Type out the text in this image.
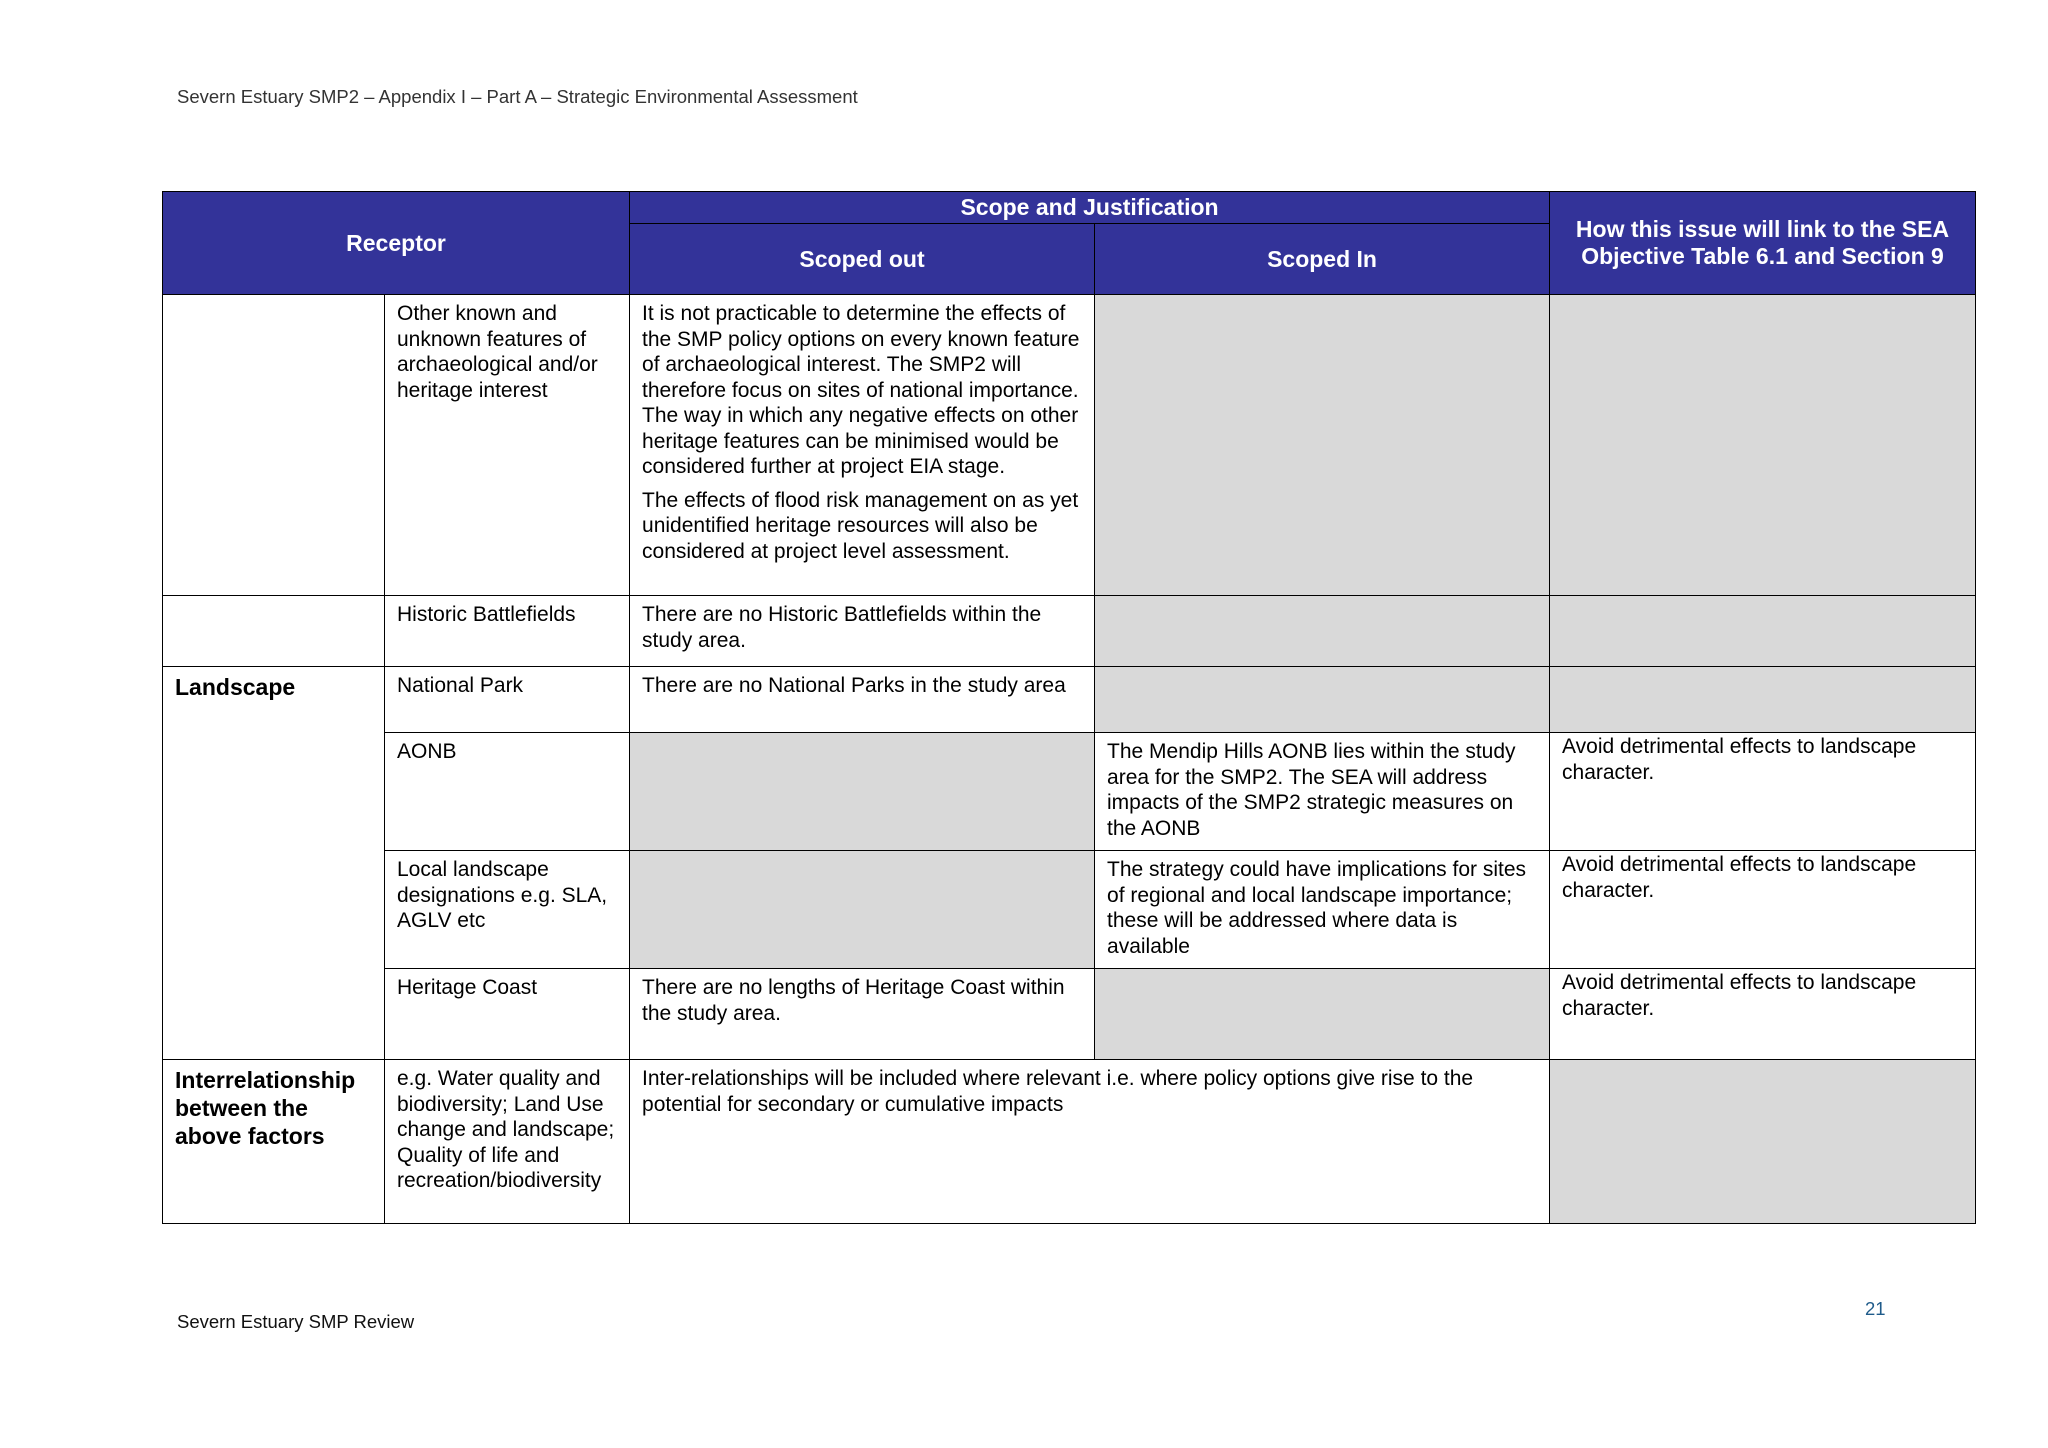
Severn Estuary SMP2 – Appendix I – Part A – Strategic Environmental Assessment
Receptor		Scope and Justification		How this issue will link to the SEA Objective Table 6.1 and Section 9
		Scoped out	Scoped In	
	Other known and unknown features of archaeological and/or heritage interest	It is not practicable to determine the effects of the SMP policy options on every known feature of archaeological interest. The SMP2 will therefore focus on sites of national importance. The way in which any negative effects on other heritage features can be minimised would be considered further at project EIA stage.
The effects of flood risk management on as yet unidentified heritage resources will also be considered at project level assessment.		

	Historic Battlefields	There are no Historic Battlefields within the study area.		
Landscape	National Park	There are no National Parks in the study area		
	AONB		The Mendip Hills AONB lies within the study area for the SMP2. The SEA will address impacts of the SMP2 strategic measures on the AONB	Avoid detrimental effects to landscape character.
	Local landscape designations e.g. SLA, AGLV etc		The strategy could have implications for sites of regional and local landscape importance; these will be addressed where data is available	Avoid detrimental effects to landscape character.
	Heritage Coast	There are no lengths of Heritage Coast within the study area.		Avoid detrimental effects to landscape character.
Interrelationship between the above factors	e.g. Water quality and biodiversity; Land Use change and landscape; Quality of life and recreation/biodiversity	Inter-relationships will be included where relevant i.e. where policy options give rise to the potential for secondary or cumulative impacts		
21
Severn Estuary SMP Review
